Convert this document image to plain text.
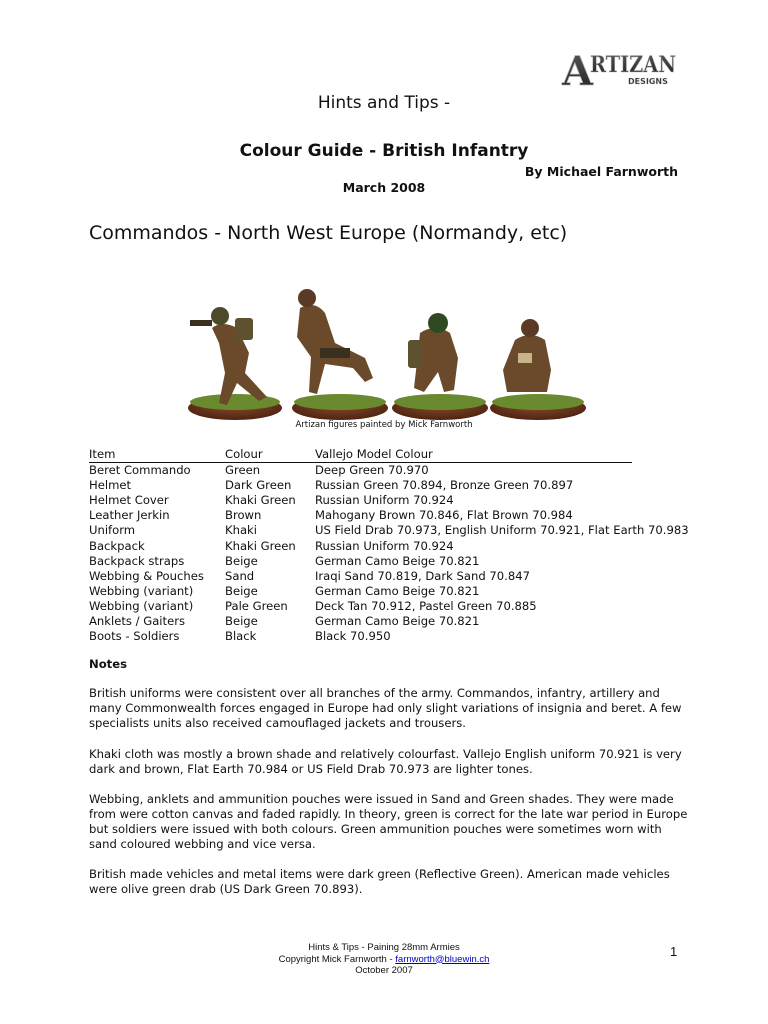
A
RTIZAN
DESIGNS
Hints and Tips -
Colour Guide - British Infantry
By Michael Farnworth
March 2008
Commandos - North West Europe (Normandy, etc)
Artizan figures painted by Mick Farnworth
Item	Colour	Vallejo Model Colour
Beret Commando	Green	Deep Green 70.970
Helmet	Dark Green	Russian Green 70.894, Bronze Green 70.897
Helmet Cover	Khaki Green	Russian Uniform 70.924
Leather Jerkin	Brown	Mahogany Brown 70.846, Flat Brown 70.984
Uniform	Khaki	US Field Drab 70.973, English Uniform 70.921, Flat Earth 70.983
Backpack	Khaki Green	Russian Uniform 70.924
Backpack straps	Beige	German Camo Beige 70.821
Webbing & Pouches	Sand	Iraqi Sand 70.819, Dark Sand 70.847
Webbing (variant)	Beige	German Camo Beige 70.821
Webbing (variant)	Pale Green	Deck Tan 70.912, Pastel Green 70.885
Anklets / Gaiters	Beige	German Camo Beige 70.821
Boots - Soldiers	Black	Black 70.950
Notes
British uniforms were consistent over all branches of the army. Commandos, infantry, artillery and many Commonwealth forces engaged in Europe had only slight variations of insignia and beret. A few specialists units also received camouflaged jackets and trousers.
Khaki cloth was mostly a brown shade and relatively colourfast. Vallejo English uniform 70.921 is very dark and brown, Flat Earth 70.984 or US Field Drab 70.973 are lighter tones.
Webbing, anklets and ammunition pouches were issued in Sand and Green shades. They were made from were cotton canvas and faded rapidly. In theory, green is correct for the late war period in Europe but soldiers were issued with both colours. Green ammunition pouches were sometimes worn with sand coloured webbing and vice versa.
British made vehicles and metal items were dark green (Reflective Green). American made vehicles were olive green drab (US Dark Green 70.893).
Hints & Tips - Paining 28mm Armies
Copyright Mick Farnworth - farnworth@bluewin.ch
October 2007
1
